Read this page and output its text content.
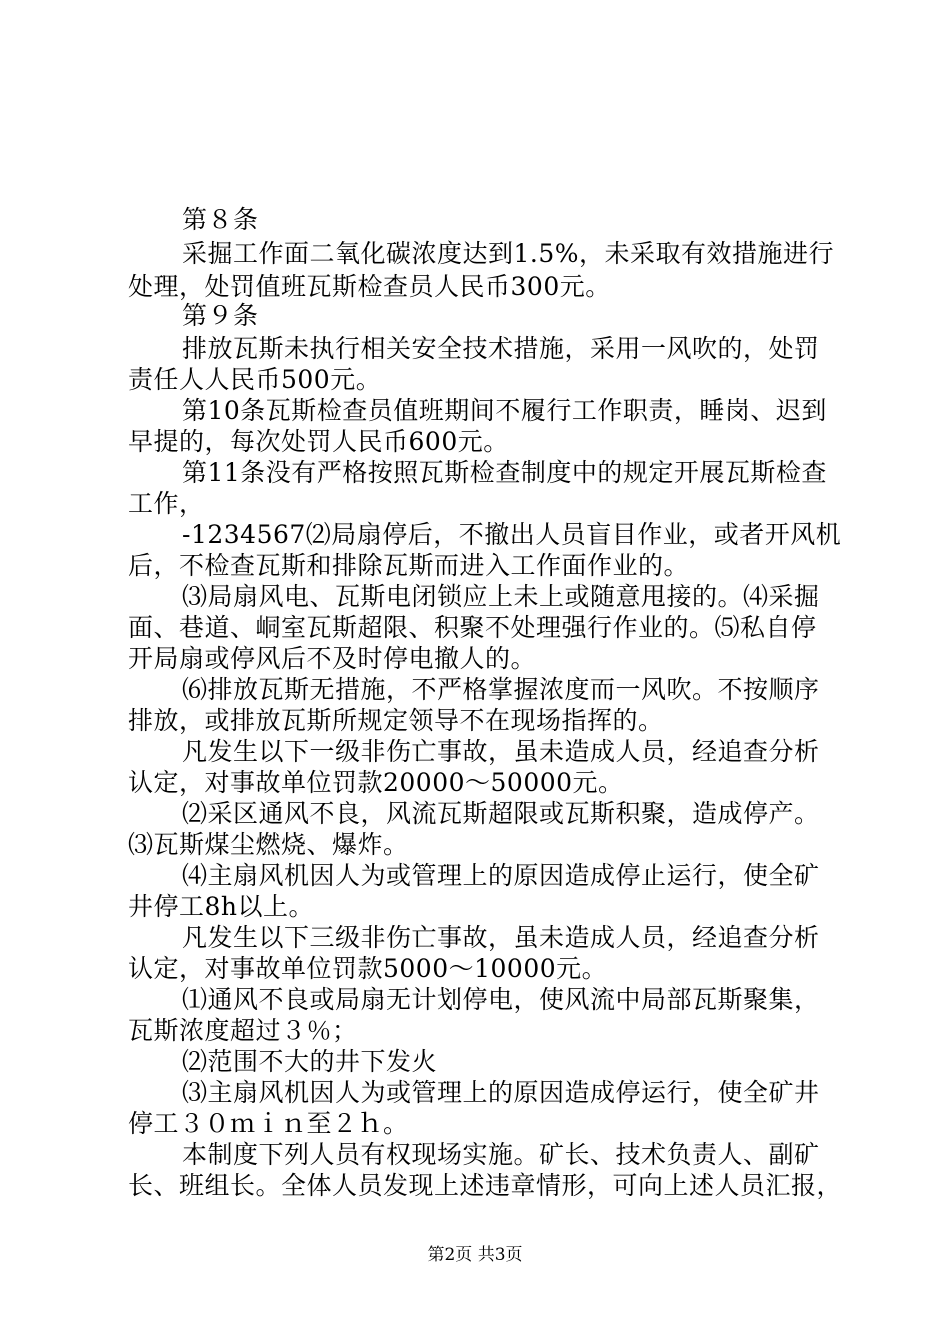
第８条
采掘工作面二氧化碳浓度达到1.5%，未采取有效措施进行
处理，处罚值班瓦斯检查员人民币300元。
第９条
排放瓦斯未执行相关安全技术措施，采用一风吹的，处罚
责任人人民币500元。
第10条瓦斯检查员值班期间不履行工作职责，睡岗、迟到
早提的，每次处罚人民币600元。
第11条没有严格按照瓦斯检查制度中的规定开展瓦斯检查
工作，
-1234567⑵局扇停后，不撤出人员盲目作业，或者开风机
后，不检查瓦斯和排除瓦斯而进入工作面作业的。
⑶局扇风电、瓦斯电闭锁应上未上或随意甩接的。⑷采掘
面、巷道、峒室瓦斯超限、积聚不处理强行作业的。⑸私自停
开局扇或停风后不及时停电撤人的。
⑹排放瓦斯无措施，不严格掌握浓度而一风吹。不按顺序
排放，或排放瓦斯所规定领导不在现场指挥的。
凡发生以下一级非伤亡事故，虽未造成人员，经追查分析
认定，对事故单位罚款20000～50000元。
⑵采区通风不良，风流瓦斯超限或瓦斯积聚，造成停产。
⑶瓦斯煤尘燃烧、爆炸。
⑷主扇风机因人为或管理上的原因造成停止运行，使全矿
井停工8h以上。
凡发生以下三级非伤亡事故，虽未造成人员，经追查分析
认定，对事故单位罚款5000～10000元。
⑴通风不良或局扇无计划停电，使风流中局部瓦斯聚集，
瓦斯浓度超过３％；
⑵范围不大的井下发火
⑶主扇风机因人为或管理上的原因造成停运行，使全矿井
停工３０ｍｉｎ至２ｈ。
本制度下列人员有权现场实施。矿长、技术负责人、副矿
长、班组长。全体人员发现上述违章情形，可向上述人员汇报，
第2页 共3页
